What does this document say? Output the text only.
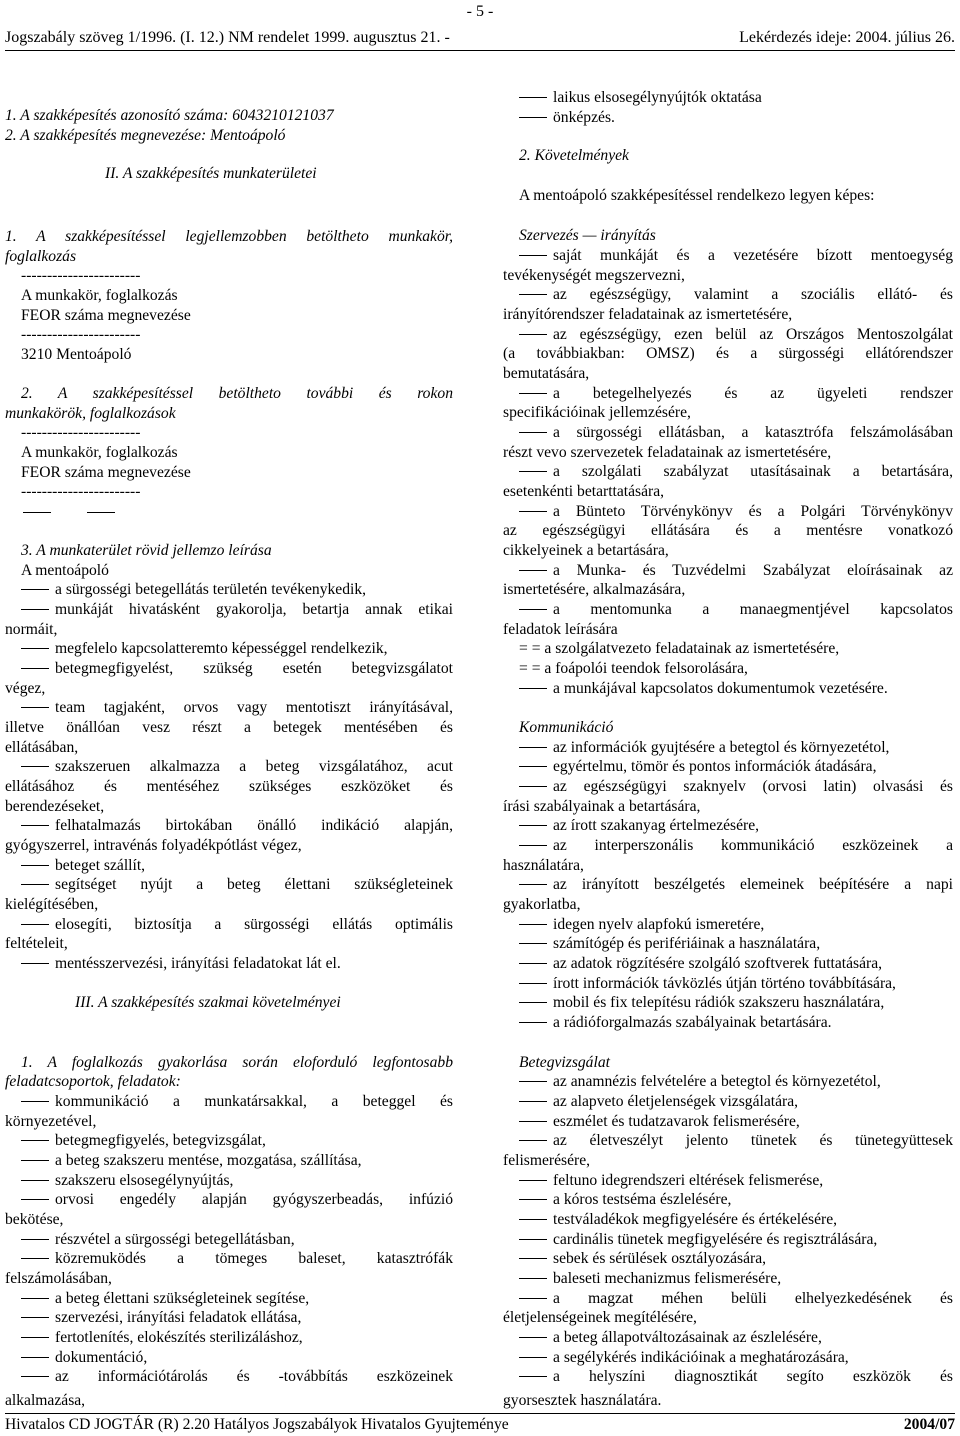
- 5 -
Jogszabály szöveg 1/1996. (I. 12.) NM rendelet 1999. augusztus 21. -	Lekérdezés ideje: 2004. július 26.
1. A szakképesítés azonosító száma: 6043210121037
2. A szakképesítés megnevezése: Mentoápoló
II. A szakképesítés munkaterületei
1. A szakképesítéssel legjellemzobben betöltheto munkakör,
foglalkozás
-----------------------
A munkakör, foglalkozás
FEOR száma megnevezése
-----------------------
3210 Mentoápoló
2. A szakképesítéssel betöltheto további és rokon
munkakörök, foglalkozások
-----------------------
A munkakör, foglalkozás
FEOR száma megnevezése
-----------------------
3. A munkaterület rövid jellemzo leírása
A mentoápoló
a sürgosségi betegellátás területén tevékenykedik,
munkáját hivatásként gyakorolja, betartja annak etikai
normáit,
megfelelo kapcsolatteremto képességgel rendelkezik,
betegmegfigyelést, szükség esetén betegvizsgálatot
végez,
team tagjaként, orvos vagy mentotiszt irányításával,
illetve önállóan vesz részt a betegek mentésében és
ellátásában,
szakszeruen alkalmazza a beteg vizsgálatához, acut
ellátásához és mentéséhez szükséges eszközöket és
berendezéseket,
felhatalmazás birtokában önálló indikáció alapján,
gyógyszerrel, intravénás folyadékpótlást végez,
beteget szállít,
segítséget nyújt a beteg élettani szükségleteinek
kielégítésében,
elosegíti, biztosítja a sürgosségi ellátás optimális
feltételeit,
mentésszervezési, irányítási feladatokat lát el.
III. A szakképesítés szakmai követelményei
1. A foglalkozás gyakorlása során eloforduló legfontosabb
feladatcsoportok, feladatok:
kommunikáció a munkatársakkal, a beteggel és
környezetével,
betegmegfigyelés, betegvizsgálat,
a beteg szakszeru mentése, mozgatása, szállítása,
szakszeru elsosegélynyújtás,
orvosi engedély alapján gyógyszerbeadás, infúzió
bekötése,
részvétel a sürgosségi betegellátásban,
közremuködés a tömeges baleset, katasztrófák
felszámolásában,
a beteg élettani szükségleteinek segítése,
szervezési, irányítási feladatok ellátása,
fertotlenítés, elokészítés sterilizáláshoz,
dokumentáció,
az információtárolás és -továbbítás eszközeinek
alkalmazása,
laikus elsosegélynyújtók oktatása
önképzés.
2. Követelmények
A mentoápoló szakképesítéssel rendelkezo legyen képes:
Szervezés — irányítás
saját munkáját és a vezetésére bízott mentoegység
tevékenységét megszervezni,
az egészségügy, valamint a szociális ellátó- és
irányítórendszer feladatainak az ismertetésére,
az egészségügy, ezen belül az Országos Mentoszolgálat
(a továbbiakban: OMSZ) és a sürgosségi ellátórendszer
bemutatására,
a betegelhelyezés és az ügyeleti rendszer
specifikációinak jellemzésére,
a sürgosségi ellátásban, a katasztrófa felszámolásában
részt vevo szervezetek feladatainak az ismertetésére,
a szolgálati szabályzat utasításainak a betartására,
esetenkénti betarttatására,
a Bünteto Törvénykönyv és a Polgári Törvénykönyv
az egészségügyi ellátására és a mentésre vonatkozó
cikkelyeinek a betartására,
a Munka- és Tuzvédelmi Szabályzat eloírásainak az
ismertetésére, alkalmazására,
a mentomunka a manaegmentjével kapcsolatos
feladatok leírására
= = a szolgálatvezeto feladatainak az ismertetésére,
= = a foápolói teendok felsorolására,
a munkájával kapcsolatos dokumentumok vezetésére.
Kommunikáció
az információk gyujtésére a betegtol és környezetétol,
egyértelmu, tömör és pontos információk átadására,
az egészségügyi szaknyelv (orvosi latin) olvasási és
írási szabályainak a betartására,
az írott szakanyag értelmezésére,
az interperszonális kommunikáció eszközeinek a
használatára,
az irányított beszélgetés elemeinek beépítésére a napi
gyakorlatba,
idegen nyelv alapfokú ismeretére,
számítógép és perifériáinak a használatára,
az adatok rögzítésére szolgáló szoftverek futtatására,
írott információk távközlés útján történo továbbítására,
mobil és fix telepítésu rádiók szakszeru használatára,
a rádióforgalmazás szabályainak betartására.
Betegvizsgálat
az anamnézis felvételére a betegtol és környezetétol,
az alapveto életjelenségek vizsgálatára,
eszmélet és tudatzavarok felismerésére,
az életveszélyt jelento tünetek és tünetegyüttesek
felismerésére,
feltuno idegrendszeri eltérések felismerése,
a kóros testséma észlelésére,
testváladékok megfigyelésére és értékelésére,
cardinális tünetek megfigyelésére és regisztrálására,
sebek és sérülések osztályozására,
baleseti mechanizmus felismerésére,
a magzat méhen belüli elhelyezkedésének és
életjelenségeinek megítélésére,
a beteg állapotváltozásainak az észlelésére,
a segélykérés indikációinak a meghatározására,
a helyszíni diagnosztikát segíto eszközök és
gyorsesztek használatára.
Hivatalos CD JOGTÁR (R) 2.20 Hatályos Jogszabályok Hivatalos Gyujteménye	2004/07
